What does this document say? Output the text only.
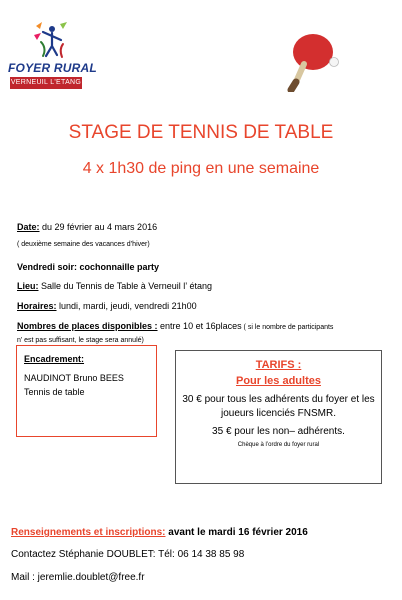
FOYER RURAL
VERNEUIL L'ETANG
STAGE DE TENNIS DE TABLE
4 x 1h30 de ping en une semaine
Date: du 29 février au 4 mars 2016
( deuxième semaine des vacances d’hiver)
Vendredi soir: cochonnaille party
Lieu: Salle du Tennis de Table à Verneuil l’ étang
Horaires: lundi, mardi, jeudi, vendredi 21h00
Nombres de places disponibles : entre 10 et 16places ( si le nombre de participants
n’ est pas suffisant, le stage sera annulé)
Encadrement:
NAUDINOT Bruno BEES
Tennis de table
TARIFS :
Pour les adultes
30 € pour tous les adhérents du foyer et les
joueurs licenciés FNSMR.
35 € pour les non– adhérents.
Chèque à l’ordre du foyer rural
Renseignements et inscriptions: avant le mardi 16 février 2016
Contactez Stéphanie DOUBLET: Tél: 06 14 38 85 98
Mail : jeremlie.doublet@free.fr
